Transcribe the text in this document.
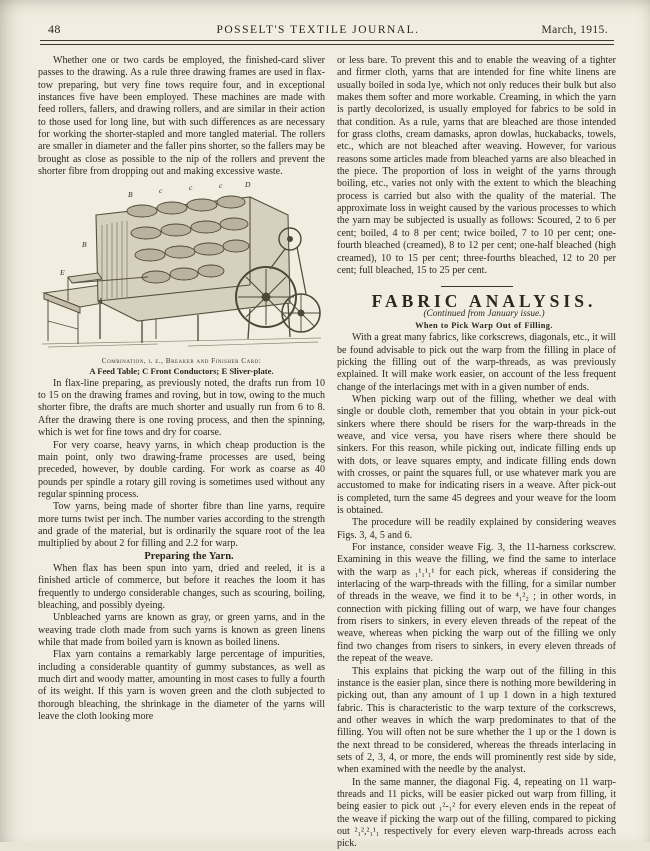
48	POSSELT'S TEXTILE JOURNAL.	March, 1915.

Whether one or two cards be employed, the finished-card sliver passes to the drawing. As a rule three drawing frames are used in flax-tow preparing, but very fine tows require four, and in exceptional instances five have been employed. These machines are made with feed rollers, fallers, and drawing rollers, and are similar in their action to those used for long line, but with such differences as are necessary for working the shorter-stapled and more tangled material. The rollers are smaller in diameter and the faller pins shorter, so the fallers may be brought as close as possible to the nip of the rollers and prevent the shorter fibre from dropping out and making excessive waste.

B	c	c	c	D
B
E
A
Combination, i. e., Breaker and Finisher Card:
A Feed Table; C Front Conductors; E Sliver-plate.

In flax-line preparing, as previously noted, the drafts run from 10 to 15 on the drawing frames and roving, but in tow, owing to the much shorter fibre, the drafts are much shorter and usually run from 6 to 8. After the drawing there is one roving process, and then the spinning, which is wet for fine tows and dry for coarse.

For very coarse, heavy yarns, in which cheap production is the main point, only two drawing-frame processes are used, being preceded, however, by double carding. For work as coarse as 40 pounds per spindle a rotary gill roving is sometimes used without any regular spinning process.

Tow yarns, being made of shorter fibre than line yarns, require more turns twist per inch. The number varies according to the strength and grade of the material, but is ordinarily the square root of the lea multiplied by about 2 for filling and 2.2 for warp.

Preparing the Yarn.

When flax has been spun into yarn, dried and reeled, it is a finished article of commerce, but before it reaches the loom it has frequently to undergo considerable changes, such as scouring, boiling, bleaching, and possibly dyeing.

Unbleached yarns are known as gray, or green yarns, and in the weaving trade cloth made from such yarns is known as green linens while that made from boiled yarn is known as boiled linens.

Flax yarn contains a remarkably large percentage of impurities, including a considerable quantity of gummy substances, as well as much dirt and woody matter, amounting in most cases to fully a fourth of its weight. If this yarn is woven green and the cloth subjected to thorough bleaching, the shrinkage in the diameter of the yarns will leave the cloth looking more

or less bare. To prevent this and to enable the weaving of a tighter and firmer cloth, yarns that are intended for fine white linens are usually boiled in soda lye, which not only reduces their bulk but also makes them softer and more workable. Creaming, in which the yarn is partly decolorized, is usually employed for fabrics to be sold in that condition. As a rule, yarns that are bleached are those intended for grass cloths, cream damasks, apron dowlas, huckabacks, towels, etc., which are not bleached after weaving. However, for various reasons some articles made from bleached yarns are also bleached in the piece. The proportion of loss in weight of the yarns through boiling, etc., varies not only with the extent to which the bleaching process is carried but also with the quality of the material. The approximate loss in weight caused by the various processes to which the yarn may be subjected is usually as follows: Scoured, 2 to 6 per cent; boiled, 4 to 8 per cent; twice boiled, 7 to 10 per cent; one-fourth bleached (creamed), 8 to 12 per cent; one-half bleached (high creamed), 10 to 15 per cent; three-fourths bleached, 12 to 20 per cent; full bleached, 15 to 25 per cent.

FABRIC ANALYSIS.

(Continued from January issue.)

When to Pick Warp Out of Filling.

With a great many fabrics, like corkscrews, diagonals, etc., it will be found advisable to pick out the warp from the filling in place of picking the filling out of the warp-threads, as was previously explained. It will make work easier, on account of the less frequent change of the interlacings met with in a given number of ends.

When picking warp out of the filling, whether we deal with single or double cloth, remember that you obtain in your pick-out sinkers where there should be risers for the warp-threads in the weave, and vice versa, you have risers where there should be sinkers. For this reason, while picking out, indicate filling ends up with dots, or leave squares empty, and indicate filling ends down with crosses, or paint the squares full, or use whatever mark you are accustomed to make for indicating risers in a weave. After pick-out is completed, turn the same 45 degrees and your weave for the loom is obtained.

The procedure will be readily explained by considering weaves Figs. 3, 4, 5 and 6.

For instance, consider weave Fig. 3, the 11-harness corkscrew. Examining in this weave the filling, we find the same to interlace with the warp as ₁¹₁¹₁¹ for each pick, whereas if considering the interlacing of the warp-threads with the filling, for a similar number of threads in the weave, we find it to be ⁴₁²₂ ; in other words, in connection with picking filling out of warp, we have four changes from risers to sinkers, in every eleven threads of the repeat of the weave, whereas when picking the warp out of the filling we only find two changes from risers to sinkers, in every eleven threads of the repeat of the weave.

This explains that picking the warp out of the filling in this instance is the easier plan, since there is nothing more bewildering in picking out, than any amount of 1 up 1 down in a high textured fabric. This is characteristic to the warp texture of the corkscrews, and other weaves in which the warp predominates to that of the filling. You will often not be sure whether the 1 up or the 1 down is the next thread to be considered, whereas the threads interlacing in sets of 2, 3, 4, or more, the ends will prominently rest side by side, when examined with the needle by the analyst.

In the same manner, the diagonal Fig. 4, repeating on 11 warp-threads and 11 picks, will be easier picked out warp from filling, it being easier to pick out ₁²-₁² for every eleven ends in the repeat of the weave if picking the warp out of the filling, compared to picking out ²₁²,²₁¹₁ respectively for every eleven warp-threads across each pick.
